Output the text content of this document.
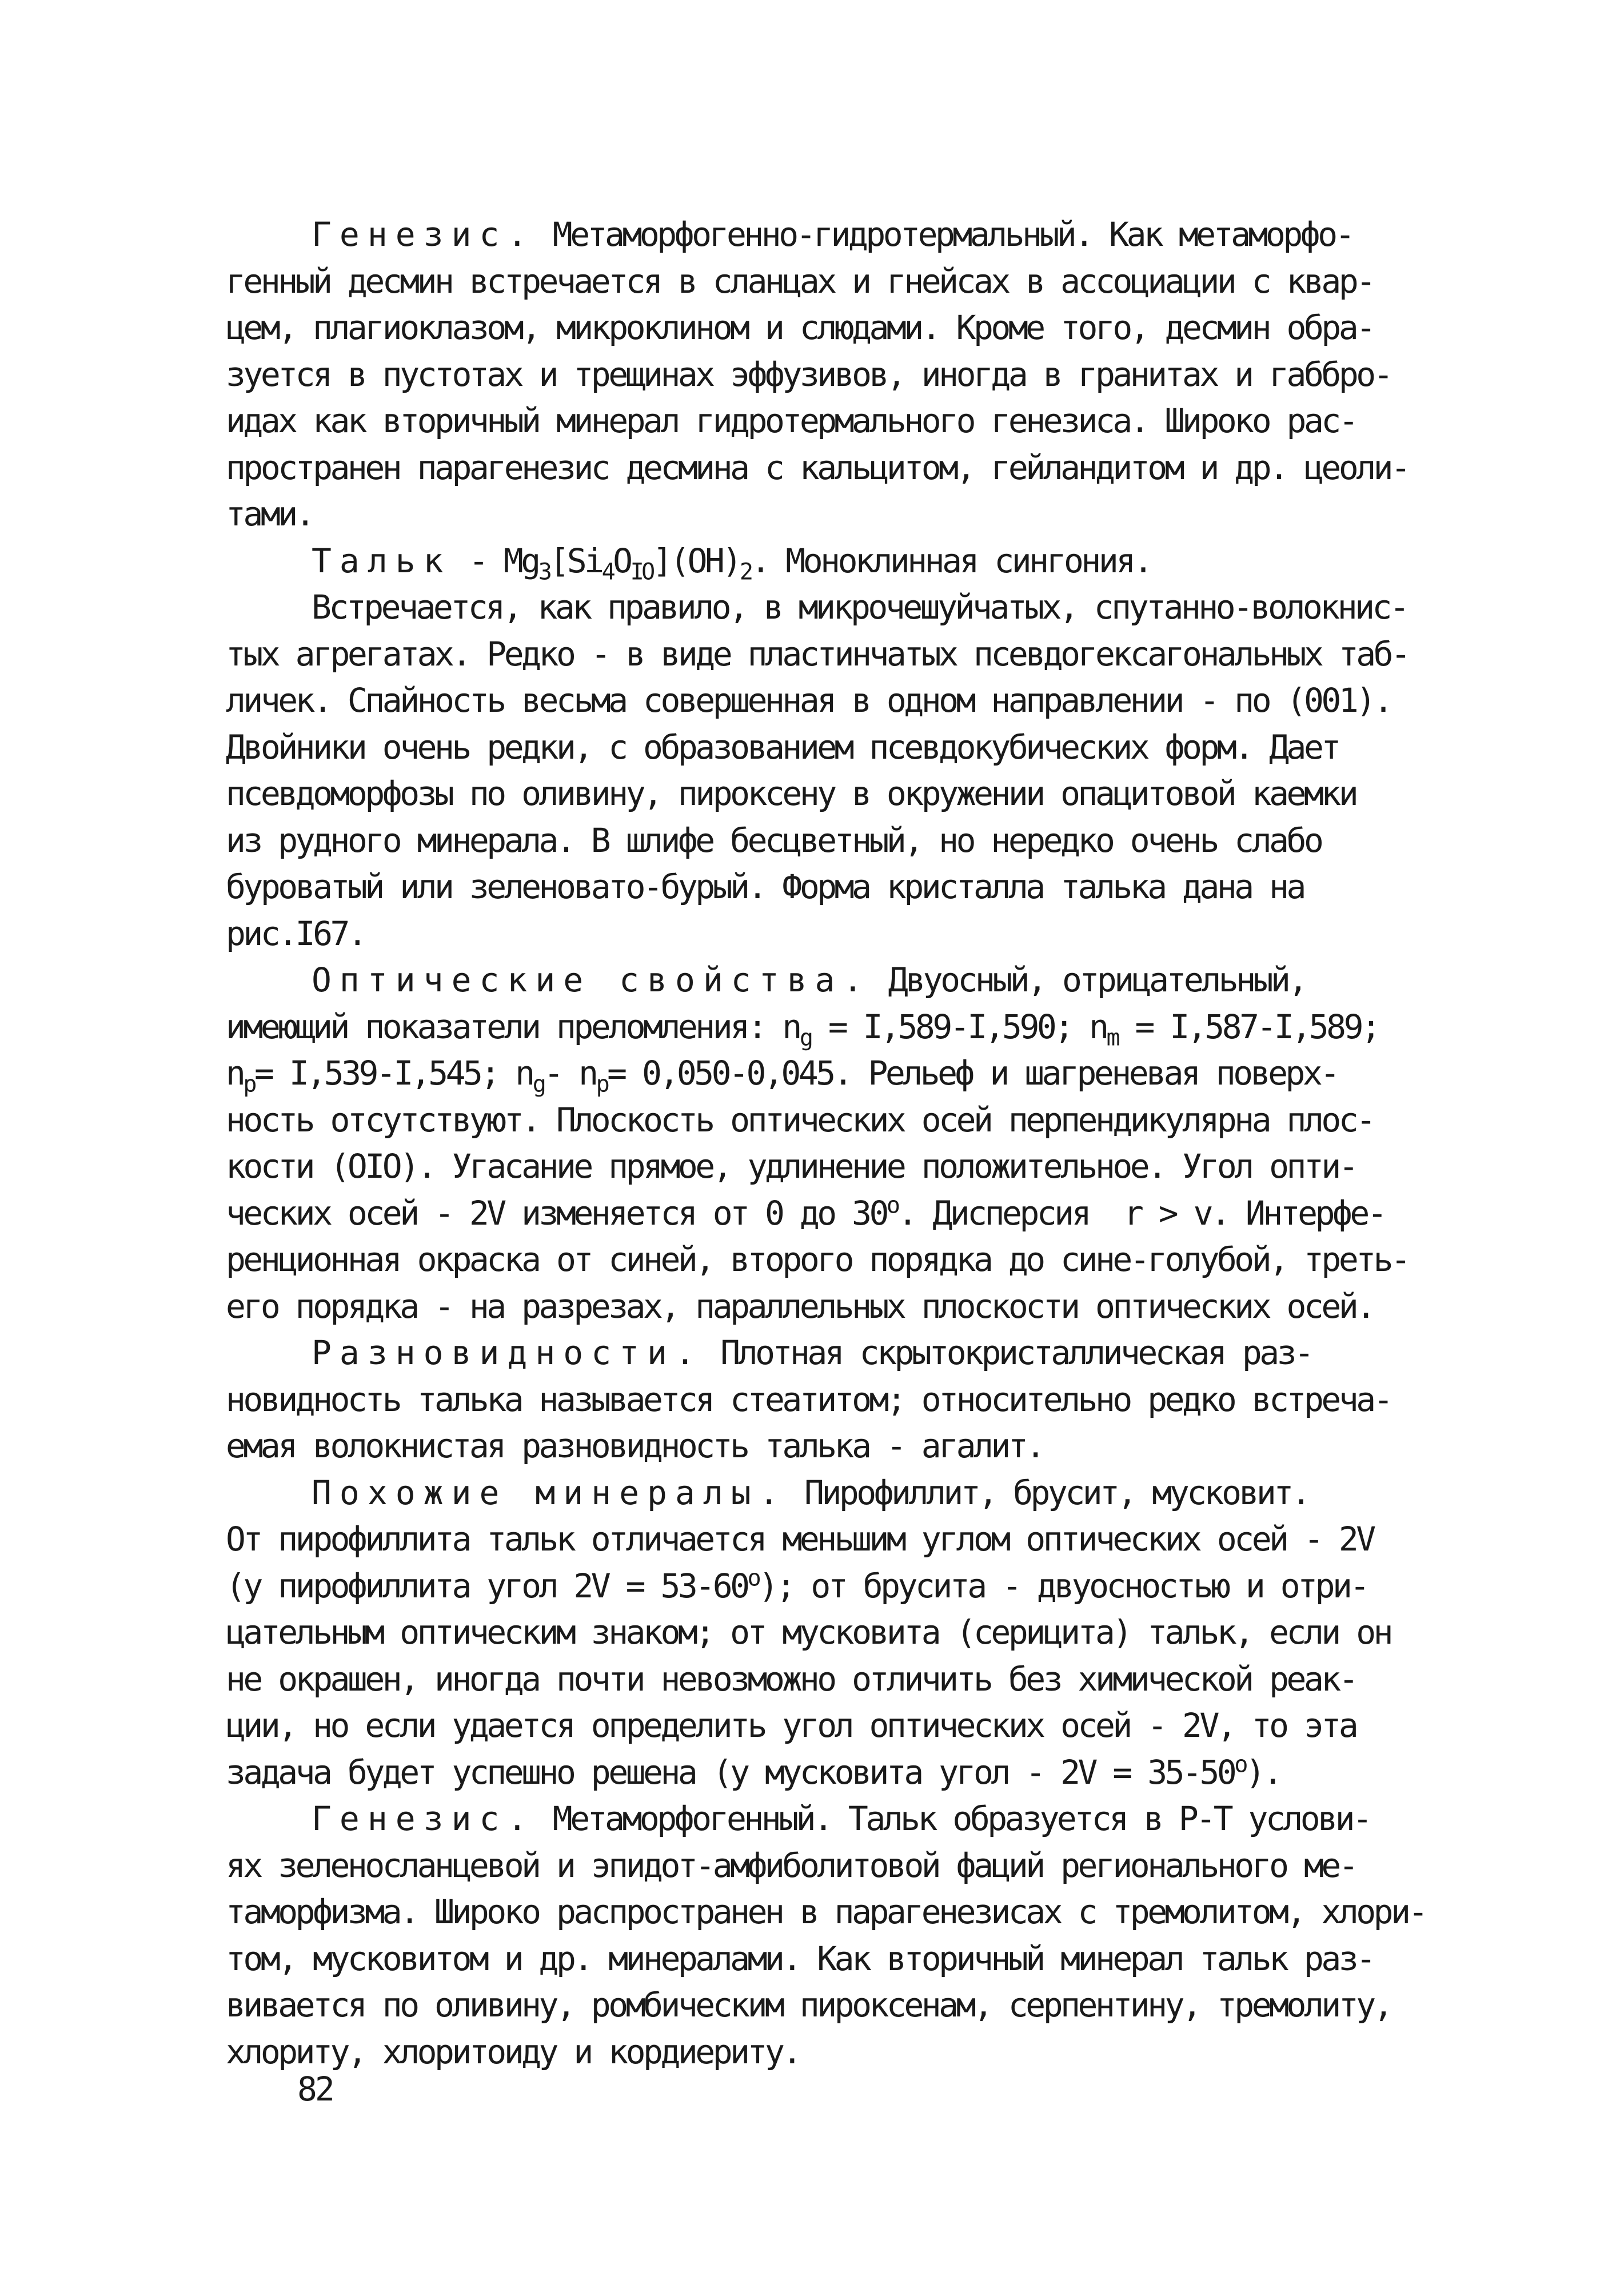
Генезис. Метаморфогенно-гидротермальный. Как метаморфо-
генный десмин встречается в сланцах и гнейсах в ассоциации с квар-
цем, плагиоклазом, микроклином и слюдами. Кроме того, десмин обра-
зуется в пустотах и трещинах эффузивов, иногда в гранитах и габбро-
идах как вторичный минерал гидротермального генезиса. Широко рас-
пространен парагенезис десмина с кальцитом, гейландитом и др. цеоли-
тами.
Тальк - $Mg_3[Si_4O_{IO}](OH)_2$. Моноклинная сингония.
Встречается, как правило, в микрочешуйчатых, спутанно-волокнис-
тых агрегатах. Редко - в виде пластинчатых псевдогексагональных таб-
личек. Спайность весьма совершенная в одном направлении - по (001).
Двойники очень редки, с образованием псевдокубических форм. Дает
псевдоморфозы по оливину, пироксену в окружении опацитовой каемки
из рудного минерала. В шлифе бесцветный, но нередко очень слабо
буроватый или зеленовато-бурый. Форма кристалла талька дана на
рис.I67.
Оптические свойства. Двуосный, отрицательный,
имеющий показатели преломления: $n_g = I,589-I,590$; $n_m = I,587-I,589$;
$n_p= I,539-I,545$; $n_g-$ $n_p= 0,050-0,045$. Рельеф и шагреневая поверх-
ность отсутствуют. Плоскость оптических осей перпендикулярна плос-
кости (OIO). Угасание прямое, удлинение положительное. Угол опти-
ческих осей - 2V изменяется от 0 до 30$^o$. Дисперсия  r > v. Интерфе-
ренционная окраска от синей, второго порядка до сине-голубой, треть-
его порядка - на разрезах, параллельных плоскости оптических осей.
Разновидности. Плотная скрытокристаллическая раз-
новидность талька называется стеатитом; относительно редко встреча-
емая волокнистая разновидность талька - агалит.
Похожие минералы. Пирофиллит, брусит, мусковит.
От пирофиллита тальк отличается меньшим углом оптических осей - 2V
(у пирофиллита угол $2V = 53-60^o$); от брусита - двуосностью и отри-
цательным оптическим знаком; от мусковита (серицита) тальк, если он
не окрашен, иногда почти невозможно отличить без химической реак-
ции, но если удается определить угол оптических осей - 2V, то эта
задача будет успешно решена (у мусковита угол - $2V = 35-50^o$).
Генезис. Метаморфогенный. Тальк образуется в P-T услови-
ях зеленосланцевой и эпидот-амфиболитовой фаций регионального ме-
таморфизма. Широко распространен в парагенезисах с тремолитом, хлори-
том, мусковитом и др. минералами. Как вторичный минерал тальк раз-
вивается по оливину, ромбическим пироксенам, серпентину, тремолиту,
хлориту, хлоритоиду и кордиериту.
82
